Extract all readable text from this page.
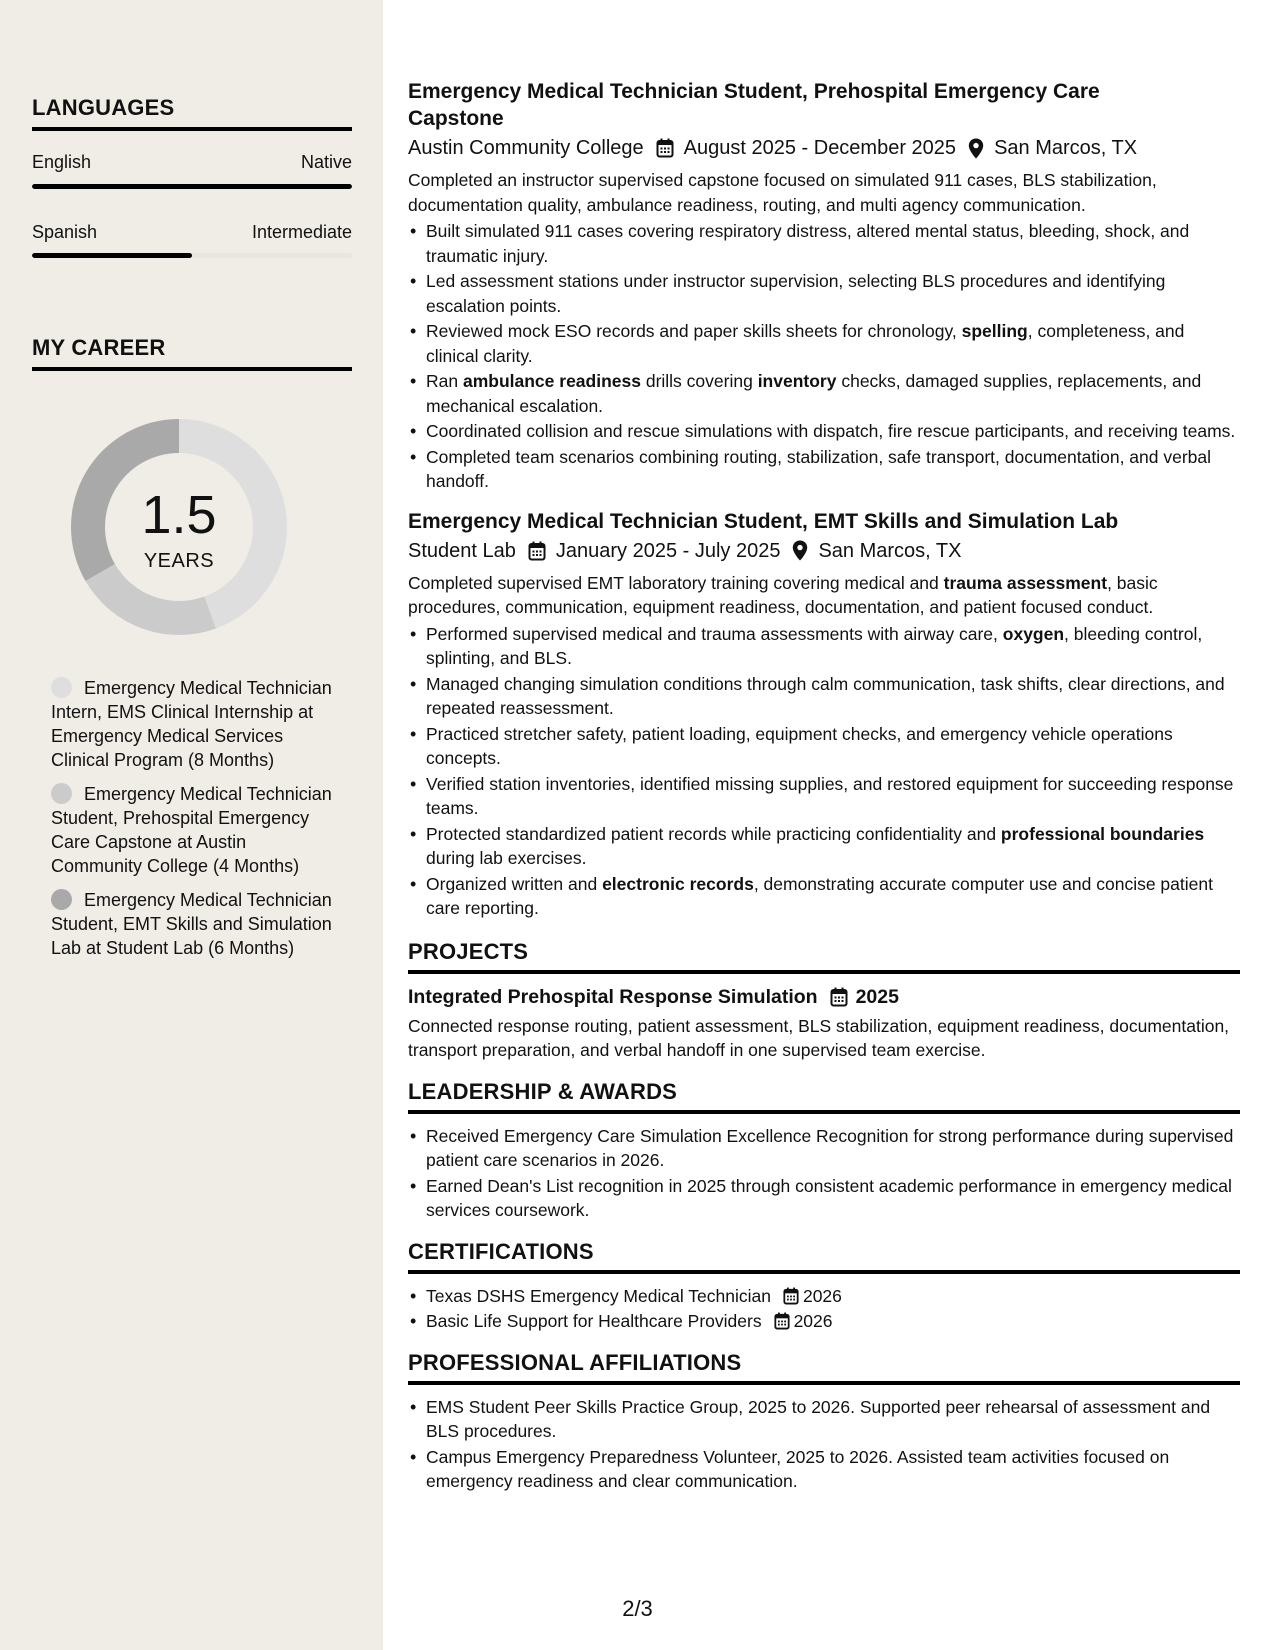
LANGUAGES
English	Native
Spanish	Intermediate
MY CAREER
1.5
YEARS
Emergency Medical Technician Intern, EMS Clinical Internship at Emergency Medical Services Clinical Program (8 Months)
Emergency Medical Technician Student, Prehospital Emergency Care Capstone at Austin Community College (4 Months)
Emergency Medical Technician Student, EMT Skills and Simulation Lab at Student Lab (6 Months)
Emergency Medical Technician Student, Prehospital Emergency Care Capstone
Austin Community College August 2025 - December 2025 San Marcos, TX
Completed an instructor supervised capstone focused on simulated 911 cases, BLS stabilization, documentation quality, ambulance readiness, routing, and multi agency communication.
• Built simulated 911 cases covering respiratory distress, altered mental status, bleeding, shock, and traumatic injury.
• Led assessment stations under instructor supervision, selecting BLS procedures and identifying escalation points.
• Reviewed mock ESO records and paper skills sheets for chronology, spelling, completeness, and clinical clarity.
• Ran ambulance readiness drills covering inventory checks, damaged supplies, replacements, and mechanical escalation.
• Coordinated collision and rescue simulations with dispatch, fire rescue participants, and receiving teams.
• Completed team scenarios combining routing, stabilization, safe transport, documentation, and verbal handoff.
Emergency Medical Technician Student, EMT Skills and Simulation Lab
Student Lab January 2025 - July 2025 San Marcos, TX
Completed supervised EMT laboratory training covering medical and trauma assessment, basic procedures, communication, equipment readiness, documentation, and patient focused conduct.
• Performed supervised medical and trauma assessments with airway care, oxygen, bleeding control, splinting, and BLS.
• Managed changing simulation conditions through calm communication, task shifts, clear directions, and repeated reassessment.
• Practiced stretcher safety, patient loading, equipment checks, and emergency vehicle operations concepts.
• Verified station inventories, identified missing supplies, and restored equipment for succeeding response teams.
• Protected standardized patient records while practicing confidentiality and professional boundaries during lab exercises.
• Organized written and electronic records, demonstrating accurate computer use and concise patient care reporting.
PROJECTS
Integrated Prehospital Response Simulation 2025
Connected response routing, patient assessment, BLS stabilization, equipment readiness, documentation, transport preparation, and verbal handoff in one supervised team exercise.
LEADERSHIP & AWARDS
• Received Emergency Care Simulation Excellence Recognition for strong performance during supervised patient care scenarios in 2026.
• Earned Dean's List recognition in 2025 through consistent academic performance in emergency medical services coursework.
CERTIFICATIONS
• Texas DSHS Emergency Medical Technician 2026
• Basic Life Support for Healthcare Providers 2026
PROFESSIONAL AFFILIATIONS
• EMS Student Peer Skills Practice Group, 2025 to 2026. Supported peer rehearsal of assessment and BLS procedures.
• Campus Emergency Preparedness Volunteer, 2025 to 2026. Assisted team activities focused on emergency readiness and clear communication.
2/3
